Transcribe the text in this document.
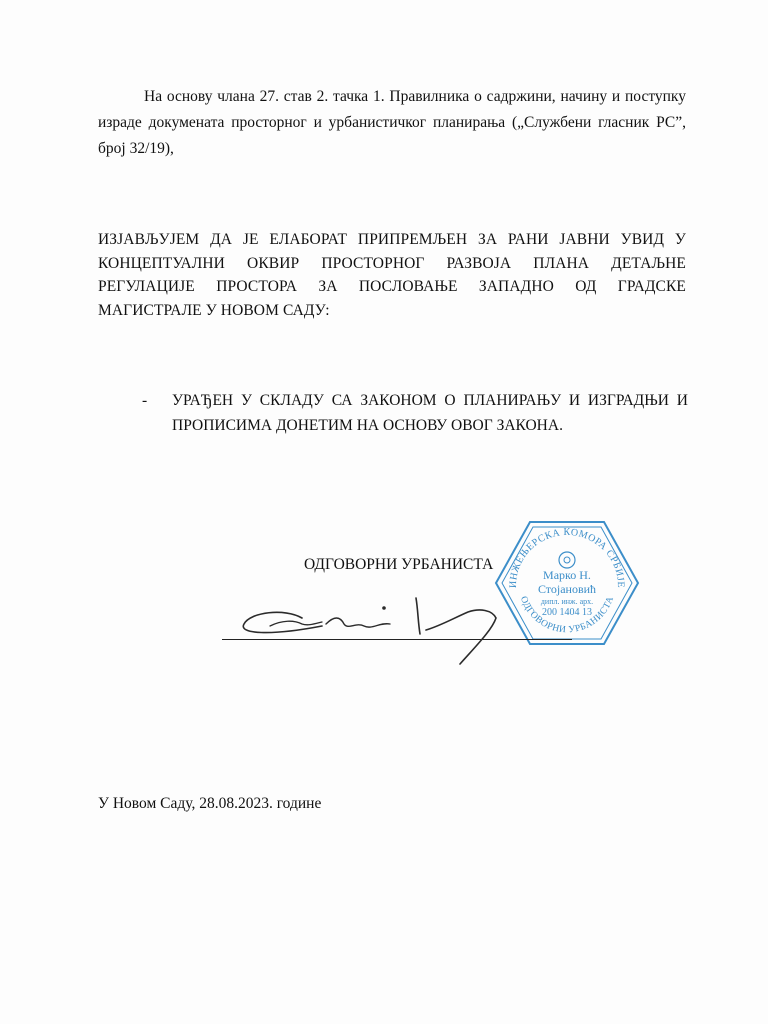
На основу члана 27. став 2. тачка 1. Правилника о садржини, начину и поступку израде докумената просторног и урбанистичког планирања („Службени гласник РС”, број 32/19),

ИЗЈАВЉУЈЕМ ДА ЈЕ ЕЛАБОРАТ ПРИПРЕМЉЕН ЗА РАНИ ЈАВНИ УВИД У КОНЦЕПТУАЛНИ ОКВИР ПРОСТОРНОГ РАЗВОЈА ПЛАНА ДЕТАЉНЕ РЕГУЛАЦИЈЕ ПРОСТОРА ЗА ПОСЛОВАЊЕ ЗАПАДНО ОД ГРАДСКЕ МАГИСТРАЛЕ У НОВОМ САДУ:

-	УРАЂЕН У СКЛАДУ СА ЗАКОНОМ О ПЛАНИРАЊУ И ИЗГРАДЊИ И ПРОПИСИМА ДОНЕТИМ НА ОСНОВУ ОВОГ ЗАКОНА.

ОДГОВОРНИ УРБАНИСТА

ИНЖЕЊЕРСКА КОМОРА СРБИЈЕ
ОДГОВОРНИ УРБАНИСТА
Марко Н.
Стојановић
дипл. инж. арх.
200 1404 13

У Новом Саду, 28.08.2023. године
